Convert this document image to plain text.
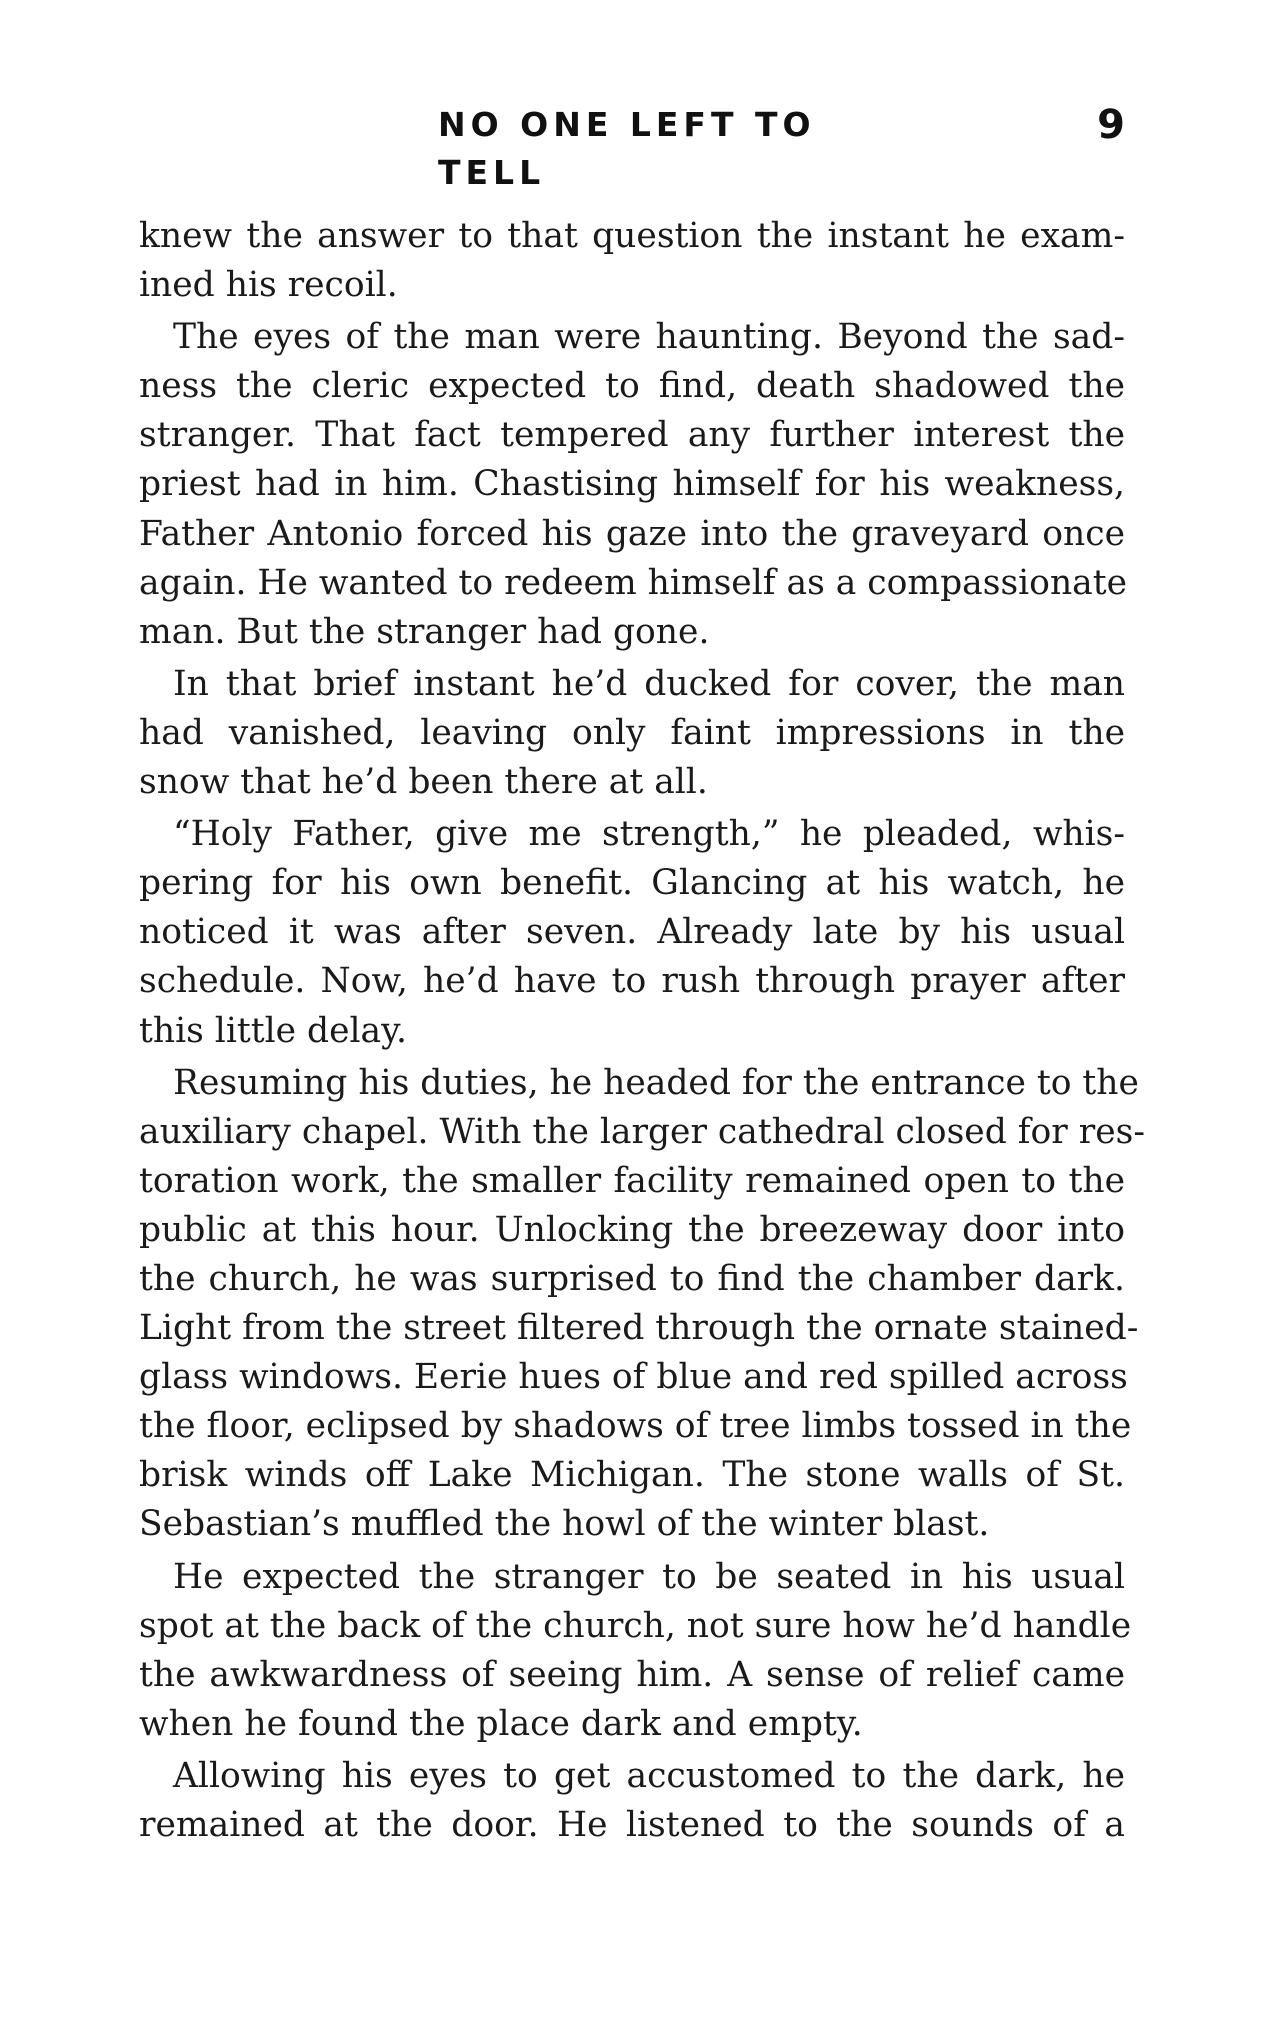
NO ONE LEFT TO TELL
9
knew the answer to that question the instant he exam-
ined his recoil.
The eyes of the man were haunting. Beyond the sad-
ness the cleric expected to find, death shadowed the
stranger. That fact tempered any further interest the
priest had in him. Chastising himself for his weakness,
Father Antonio forced his gaze into the graveyard once
again. He wanted to redeem himself as a compassionate
man. But the stranger had gone.
In that brief instant he’d ducked for cover, the man
had vanished, leaving only faint impressions in the
snow that he’d been there at all.
“Holy Father, give me strength,” he pleaded, whis-
pering for his own benefit. Glancing at his watch, he
noticed it was after seven. Already late by his usual
schedule. Now, he’d have to rush through prayer after
this little delay.
Resuming his duties, he headed for the entrance to the
auxiliary chapel. With the larger cathedral closed for res-
toration work, the smaller facility remained open to the
public at this hour. Unlocking the breezeway door into
the church, he was surprised to find the chamber dark.
Light from the street filtered through the ornate stained-
glass windows. Eerie hues of blue and red spilled across
the floor, eclipsed by shadows of tree limbs tossed in the
brisk winds off Lake Michigan. The stone walls of St.
Sebastian’s muffled the howl of the winter blast.
He expected the stranger to be seated in his usual
spot at the back of the church, not sure how he’d handle
the awkwardness of seeing him. A sense of relief came
when he found the place dark and empty.
Allowing his eyes to get accustomed to the dark, he
remained at the door. He listened to the sounds of a
